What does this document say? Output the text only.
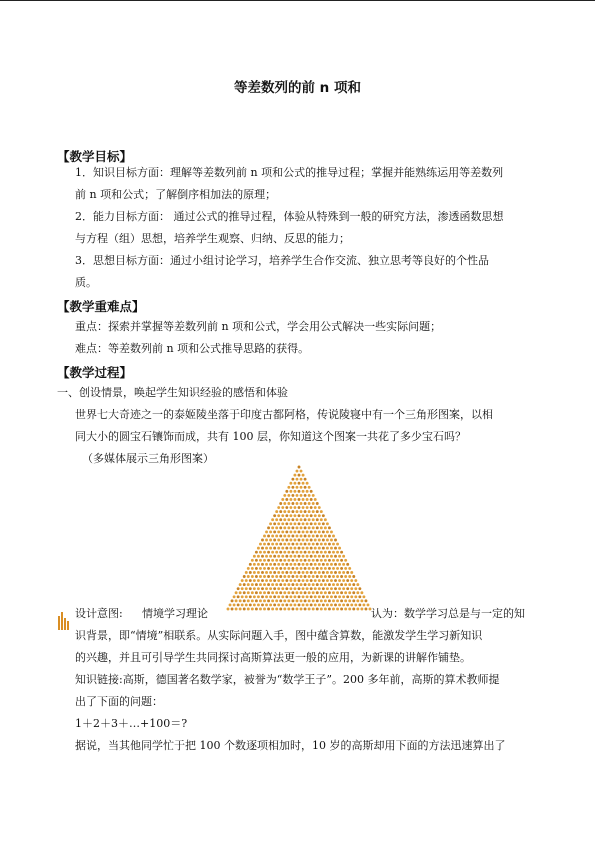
等差数列的前 n 项和
【教学目标】
1．知识目标方面：理解等差数列前 n 项和公式的推导过程；掌握并能熟练运用等差数列
前 n 项和公式；了解倒序相加法的原理；
2．能力目标方面： 通过公式的推导过程，体验从特殊到一般的研究方法，渗透函数思想
与方程（组）思想，培养学生观察、归纳、反思的能力；
3．思想目标方面：通过小组讨论学习，培养学生合作交流、独立思考等良好的个性品
质。
【教学重难点】
重点：探索并掌握等差数列前 n 项和公式，学会用公式解决一些实际问题；
难点：等差数列前 n 项和公式推导思路的获得。
【教学过程】
一、创设情景，唤起学生知识经验的感悟和体验
世界七大奇迹之一的泰姬陵坐落于印度古都阿格，传说陵寝中有一个三角形图案，以相
同大小的圆宝石镶饰而成，共有 100 层，你知道这个图案一共花了多少宝石吗？
（多媒体展示三角形图案）
设计意图: 情境学习理论	认为：数学学习总是与一定的知
识背景，即“情境”相联系。从实际问题入手，图中蕴含算数，能激发学生学习新知识
的兴趣，并且可引导学生共同探讨高斯算法更一般的应用，为新课的讲解作铺垫。
知识链接:高斯，德国著名数学家，被誉为“数学王子”。200 多年前，高斯的算术教师提
出了下面的问题：
1＋2＋3＋…+100＝?
据说，当其他同学忙于把 100 个数逐项相加时，10 岁的高斯却用下面的方法迅速算出了
